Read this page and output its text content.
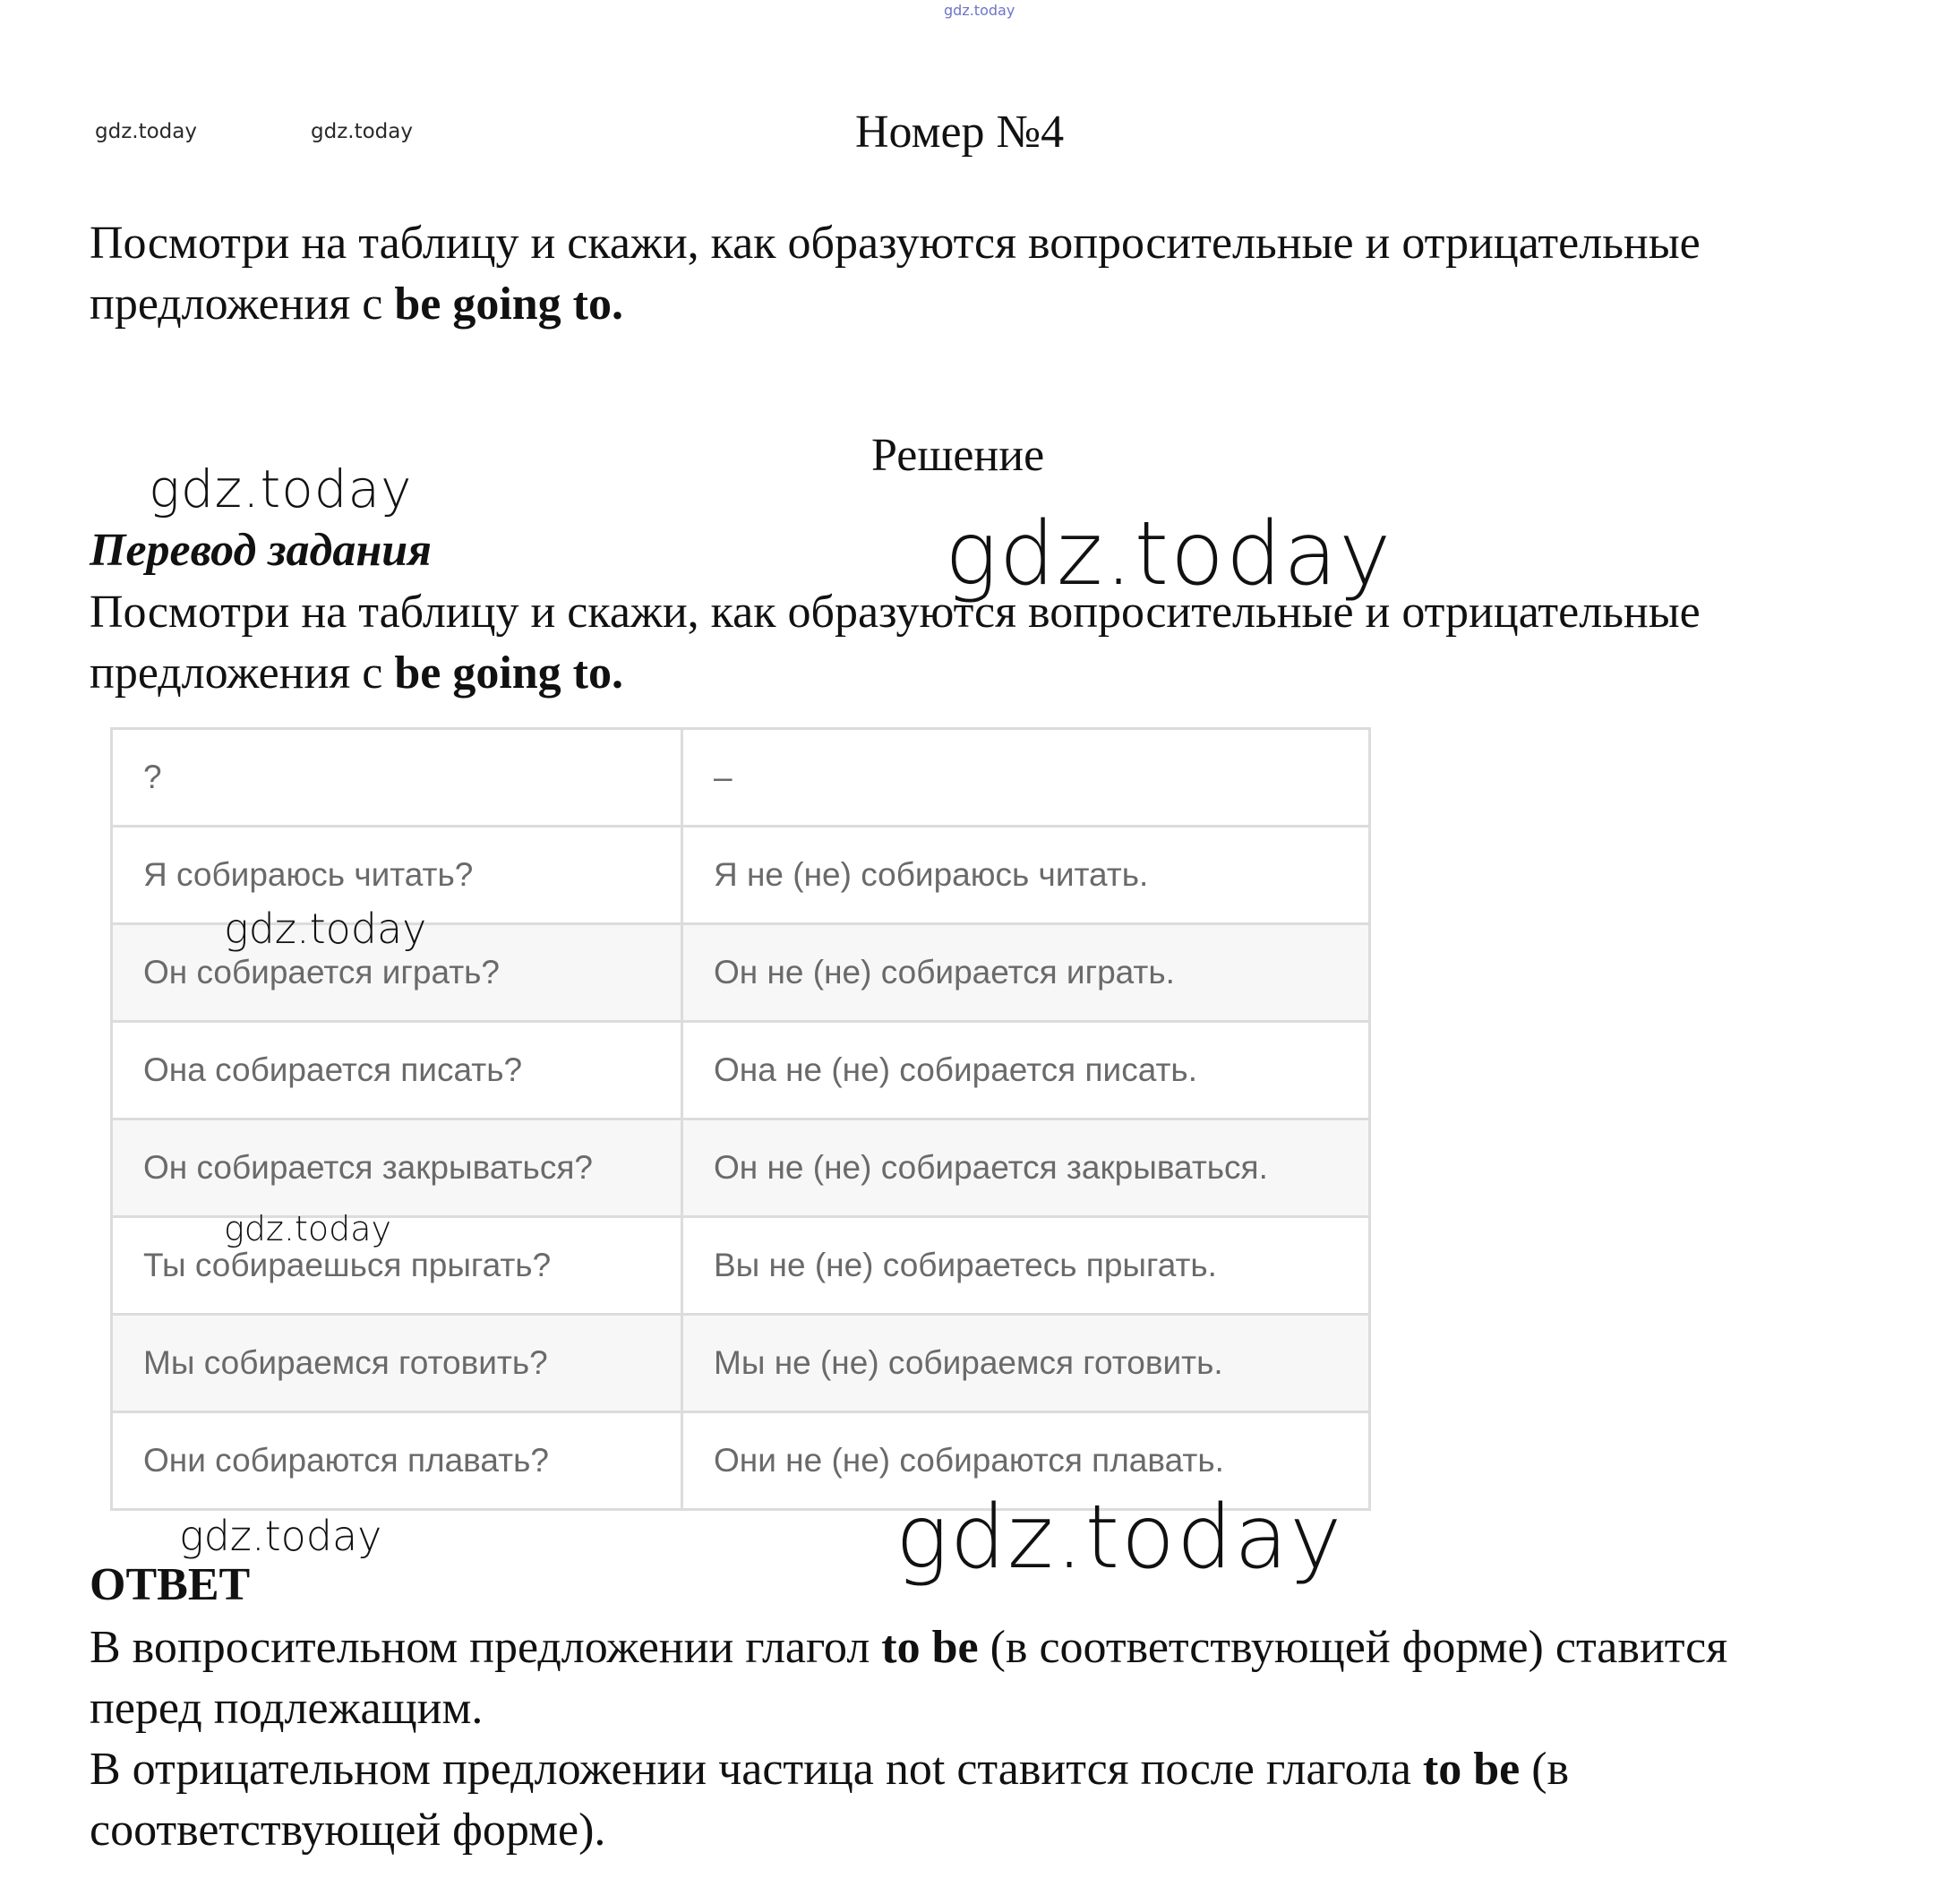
gdz.today
gdz.today	gdz.today	Номер №4
Посмотри на таблицу и скажи, как образуются вопросительные и отрицательные предложения с be going to.
Решение
gdz.today
gdz.today
Перевод задания
Посмотри на таблицу и скажи, как образуются вопросительные и отрицательные предложения с be going to.
?	–
Я собираюсь читать?	Я не (не) собираюсь читать.
Он собирается играть?	Он не (не) собирается играть.
Она собирается писать?	Она не (не) собирается писать.
Он собирается закрываться?	Он не (не) собирается закрываться.
Ты собираешься прыгать?	Вы не (не) собираетесь прыгать.
Мы собираемся готовить?	Мы не (не) собираемся готовить.
Они собираются плавать?	Они не (не) собираются плавать.
gdz.today
gdz.today
gdz.today	gdz.today
ОТВЕТ
В вопросительном предложении глагол to be (в соответствующей форме) ставится перед подлежащим.
В отрицательном предложении частица not ставится после глагола to be (в соответствующей форме).
